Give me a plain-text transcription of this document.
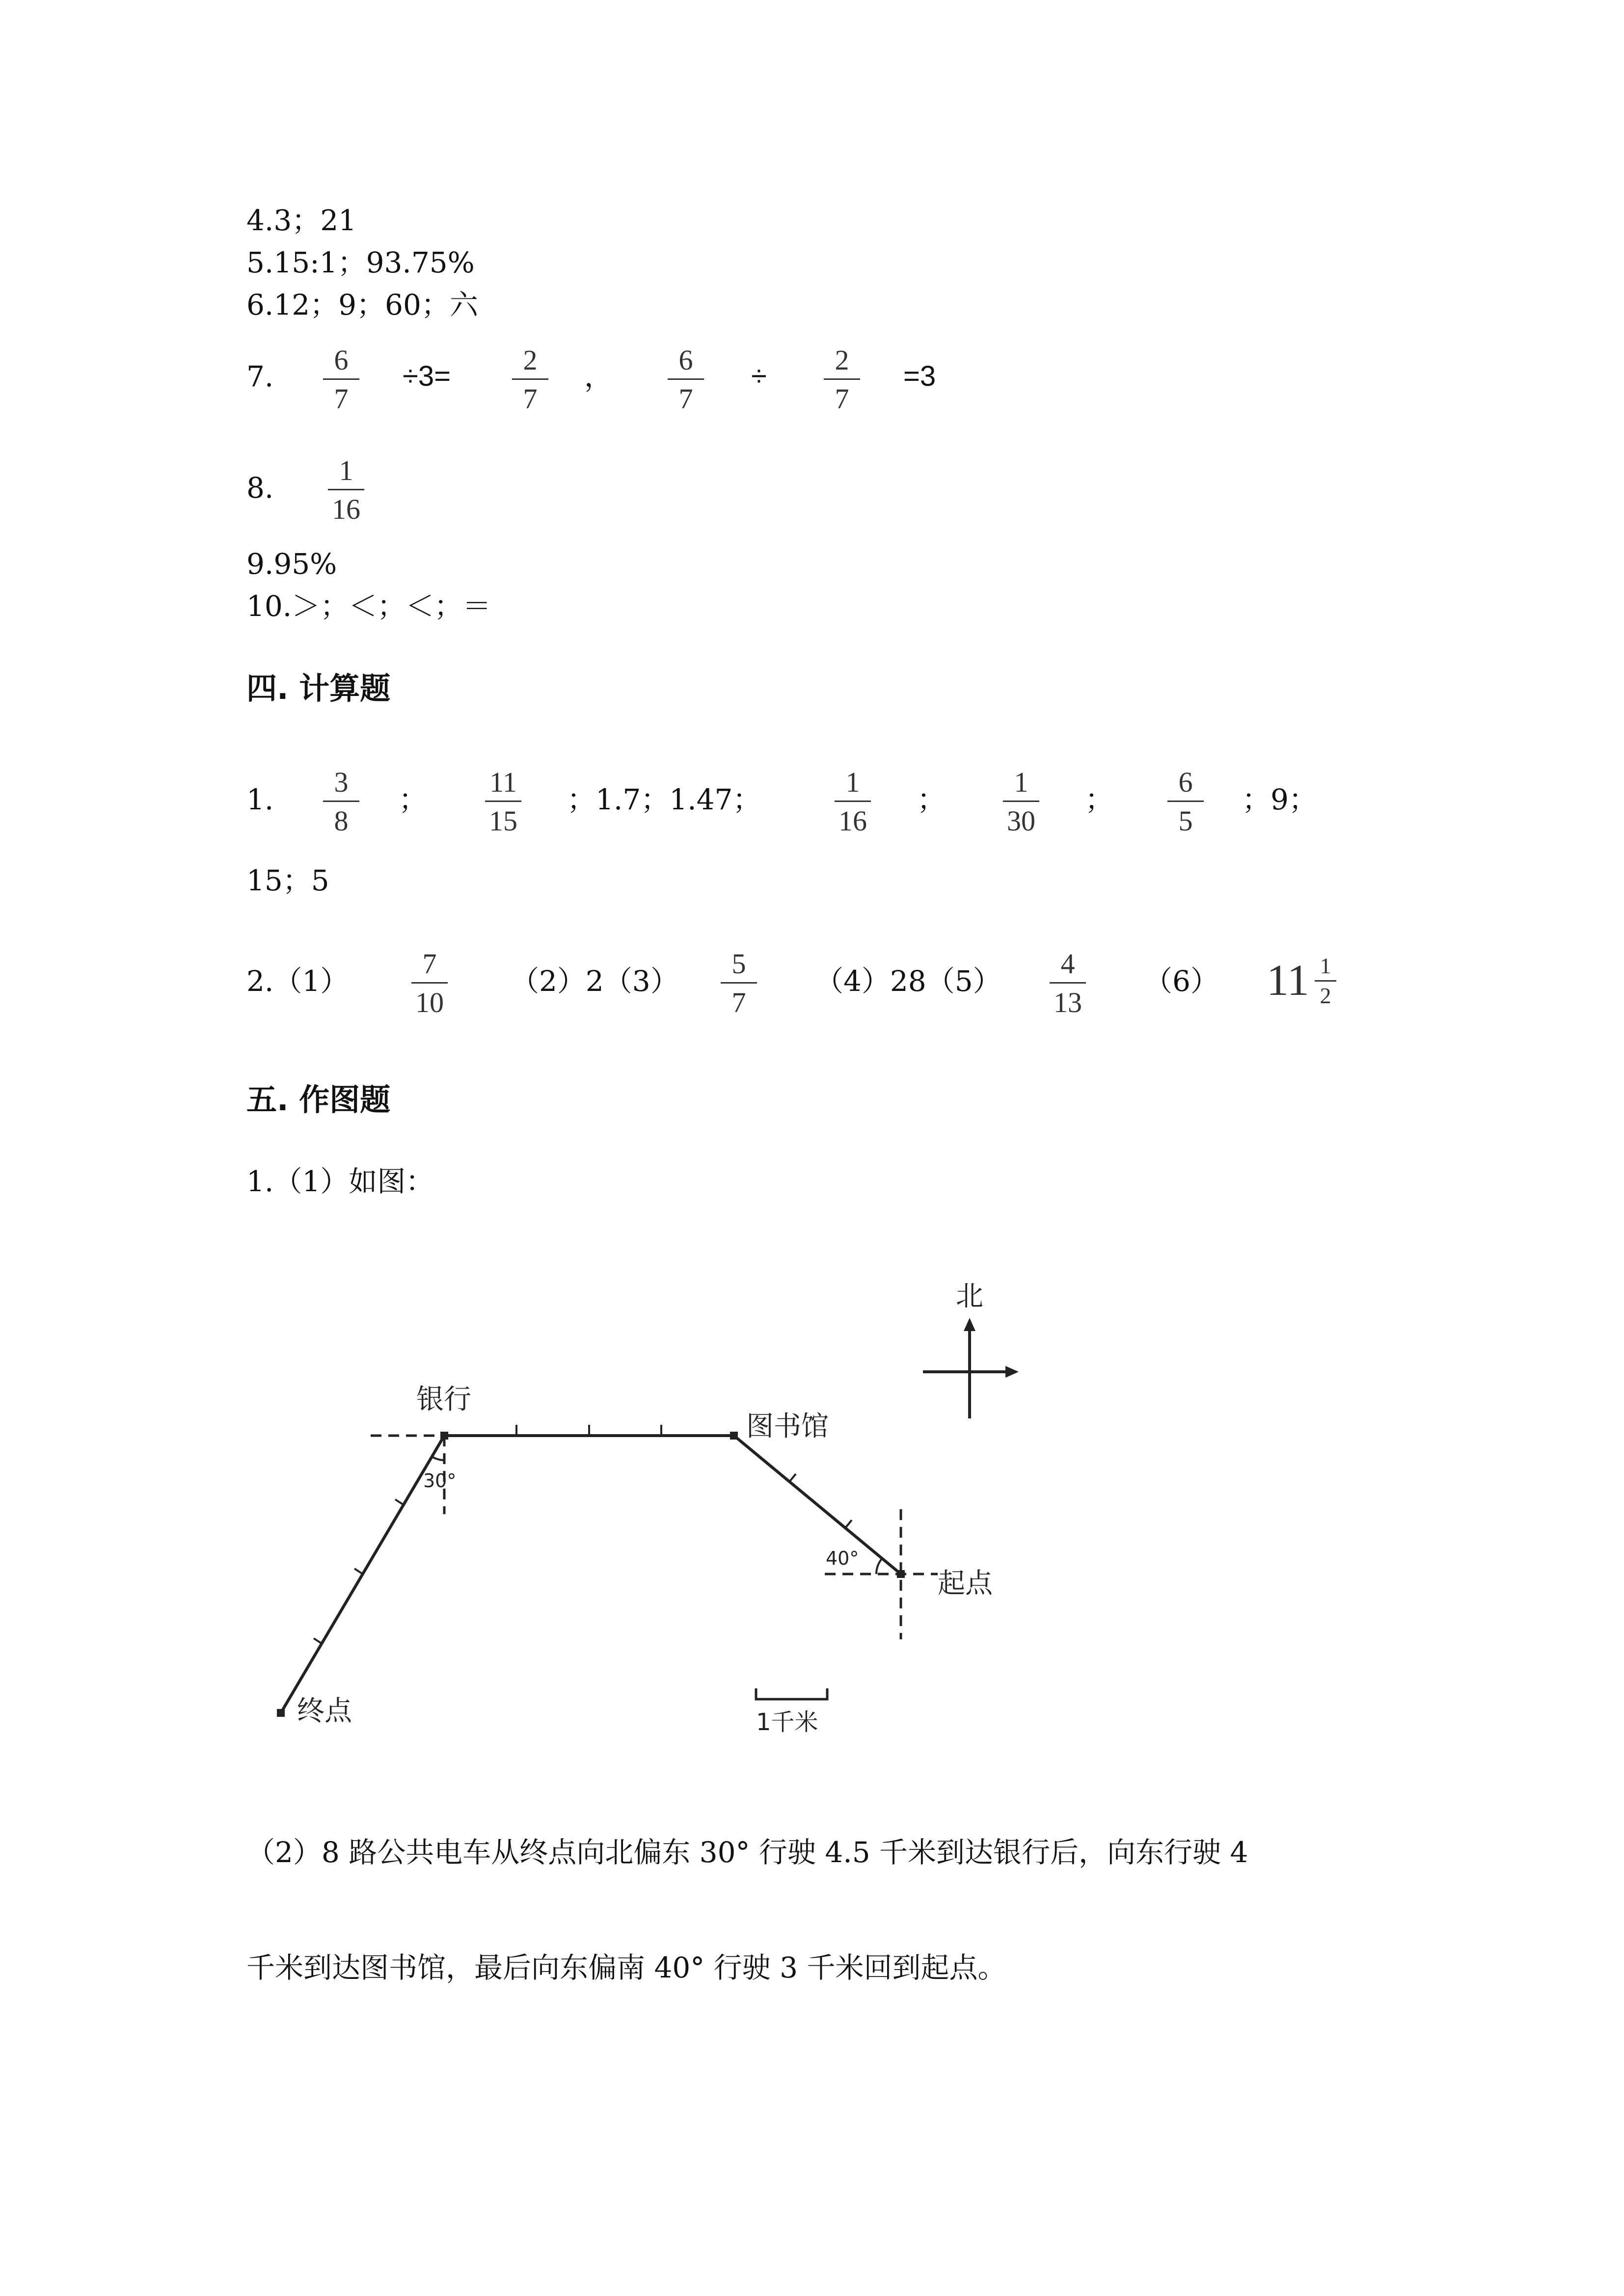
4.3；21
5.15:1；93.75%
6.12；9；60；六
7.	6
7
÷3=
2
7
，	6
7
÷
2
7
=3
8.
1
16
9.95%
10.＞；＜；＜；＝
四. 计算题
1.
3
8
；
11
15
；1.7；1.47；
1
16
；
1
30
；
6
5
；9；
15；5
2.（1）
7
10
（2）2（3）
5
7
（4）28（5）
4
13
（6） 11 1
2
五. 作图题
1.（1）如图：
北
银行
图书馆
起点
终点
30°
40°
1千米
（2）8 路公共电车从终点向北偏东 30° 行驶 4.5 千米到达银行后，向东行驶 4
千米到达图书馆，最后向东偏南 40° 行驶 3 千米回到起点。
